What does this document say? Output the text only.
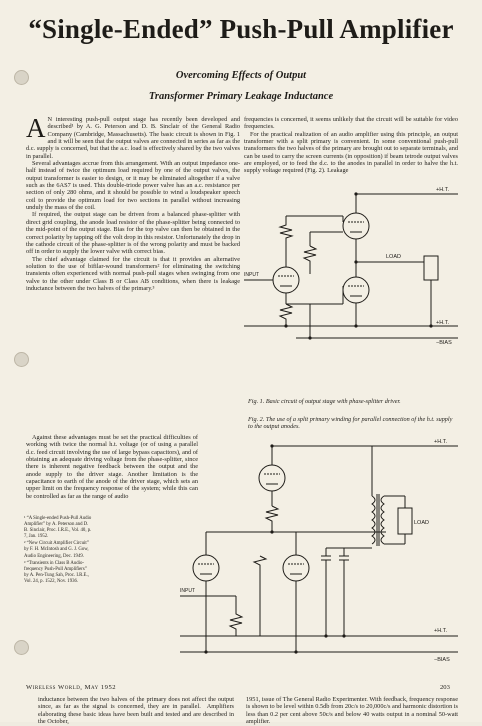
“Single-Ended” Push-Pull Amplifier

Overcoming Effects of Output

Transformer Primary Leakage Inductance

A N interesting push-pull output stage has recently been developed and described¹ by A. G. Peterson and D. B. Sinclair of the General Radio Company (Cambridge, Massachusetts). The basic circuit is shown in Fig. 1 and it will be seen that the output valves are connected in series as far as the d.c. supply is concerned, but that the a.c. load is effectively shared by the two valves in parallel.

Several advantages accrue from this arrangement. With an output impedance one-half instead of twice the optimum load required by one of the output valves, the output transformer is easier to design, or it may be eliminated altogether if a valve such as the 6AS7 is used. This double-triode power valve has an a.c. resistance per section of only 280 ohms, and it should be possible to wind a loudspeaker speech coil to provide the optimum load for two sections in parallel without increasing unduly the mass of the coil.

If required, the output stage can be driven from a balanced phase-splitter with direct grid coupling, the anode load resistor of the phase-splitter being connected to the mid-point of the output stage. Bias for the top valve can then be obtained in the correct polarity by tapping off the volt drop in this resistor. Unfortunately the drop in the cathode circuit of the phase-splitter is of the wrong polarity and must be backed off in order to supply the lower valve with correct bias.

The chief advantage claimed for the circuit is that it provides an alternative solution to the use of bifilar-wound transformers² for eliminating the switching transients often experienced with normal push-pull stages when swinging from one valve to the other under Class B or Class AB conditions, when there is leakage inductance between the two halves of the primary.³

Against these advantages must be set the practical difficulties of working with twice the normal h.t. voltage (or of using a parallel d.c. feed circuit involving the use of large bypass capacitors), and of obtaining an adequate driving voltage from the phase-splitter, since there is inherent negative feedback between the output and the anode supply to the driver stage. Another limitation is the capacitance to earth of the anode of the driver stage, which sets an upper limit on the frequency response of the system; while this can be controlled as far as the range of audio

frequencies is concerned, it seems unlikely that the circuit will be suitable for video frequencies.

For the practical realization of an audio amplifier using this principle, an output transformer with a split primary is convenient. In some conventional push-pull transformers the two halves of the primary are brought out to separate terminals, and can be used to carry the screen currents (in opposition) if beam tetrode output valves are employed, or to feed the d.c. to the anodes in parallel in order to halve the h.t. supply voltage required (Fig. 2). Leakage

+H.T.
+H.T.
−BIAS
LOAD
INPUT

Fig. 1. Basic circuit of output stage with phase-splitter driver.

Fig. 2. The use of a split primary winding for parallel connection of the h.t. supply to the output anodes.

+H.T.
LOAD
INPUT
+H.T.
−BIAS

¹ “A Single-ended Push-Pull Audio Amplifier” by A. Peterson and D. B. Sinclair, Proc. I.R.E., Vol. 40, p. 7, Jan. 1952.

² “New Circuit Amplifier Circuit” by F. H. McIntosh and G. J. Gow, Audio Engineering, Dec. 1949.

³ “Transients in Class B Audio-frequency Push-Pull Amplifiers” by A. Pen-Tung Sah, Proc. I.R.E., Vol. 24, p. 1522, Nov. 1936.

Wireless World, May 1952	203

inductance between the two halves of the primary does not affect the output since, as far as the signal is concerned, they are in parallel.  Amplifiers elaborating these basic ideas have been built and tested and are described in the October,

1951, issue of The General Radio Experimenter. With feedback, frequency response is shown to be level within 0.5db from 20c/s to 20,000c/s and harmonic distortion is less than 0.2 per cent above 50c/s and below 40 watts output in a nominal 50-watt amplifier.
